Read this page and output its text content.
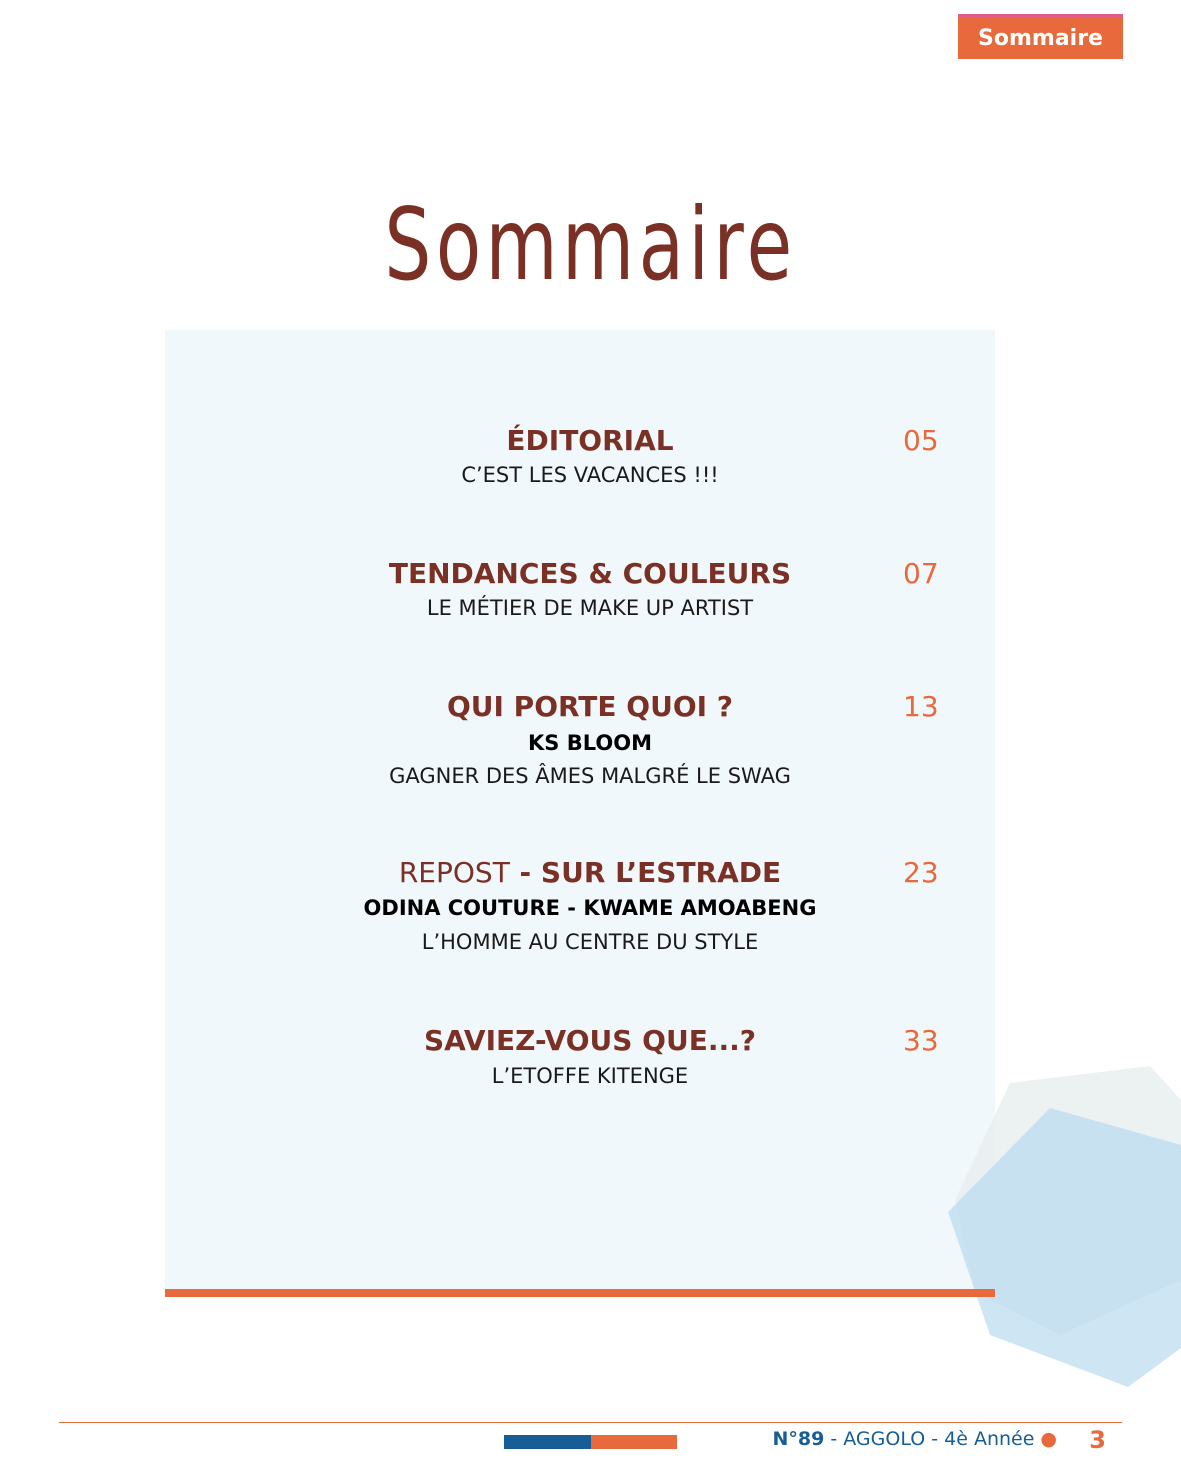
Sommaire
Sommaire
ÉDITORIAL
C’EST LES VACANCES !!!
05
TENDANCES & COULEURS
LE MÉTIER DE MAKE UP ARTIST
07
QUI PORTE QUOI ?
KS BLOOM
GAGNER DES ÂMES MALGRÉ LE SWAG
13
REPOST - SUR L’ESTRADE
ODINA COUTURE - KWAME AMOABENG
L’HOMME AU CENTRE DU STYLE
23
SAVIEZ-VOUS QUE...?
L’ETOFFE KITENGE
33
N°89 - AGGOLO - 4è Année ● 3
